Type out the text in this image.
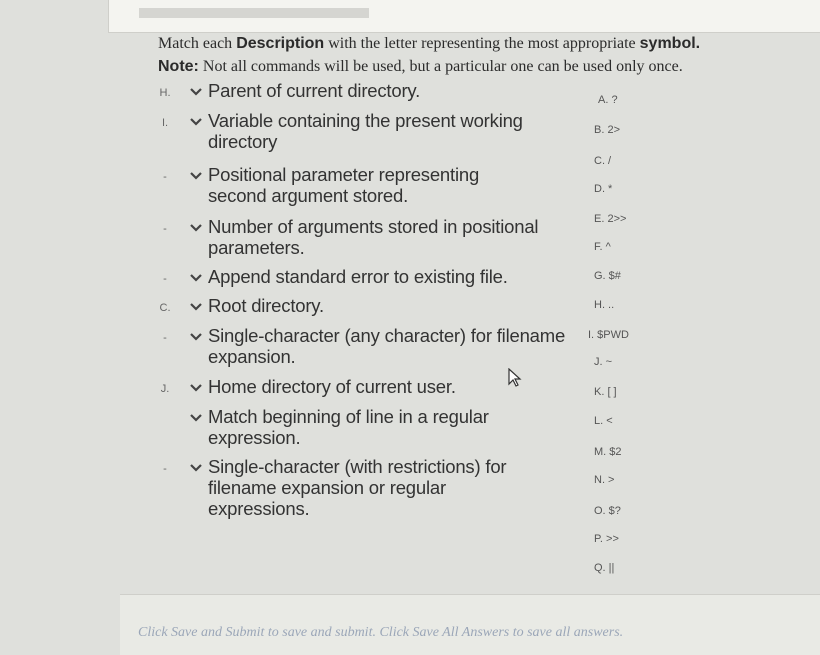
Match each Description with the letter representing the most appropriate symbol.
Note: Not all commands will be used, but a particular one can be used only once.
H. Parent of current directory.
I. Variable containing the present working directory
- Positional parameter representing second argument stored.
- Number of arguments stored in positional parameters.
- Append standard error to existing file.
C. Root directory.
- Single-character (any character) for filename expansion.
J. Home directory of current user.
Match beginning of line in a regular expression.
- Single-character (with restrictions) for filename expansion or regular expressions.
A. ?
B. 2>
C. /
D. *
E. 2>>
F. ^
G. $#
H. ..
I. $PWD
J. ~
K. [ ]
L. <
M. $2
N. >
O. $?
P. >>
Q. ||
Click Save and Submit to save and submit. Click Save All Answers to save all answers.
